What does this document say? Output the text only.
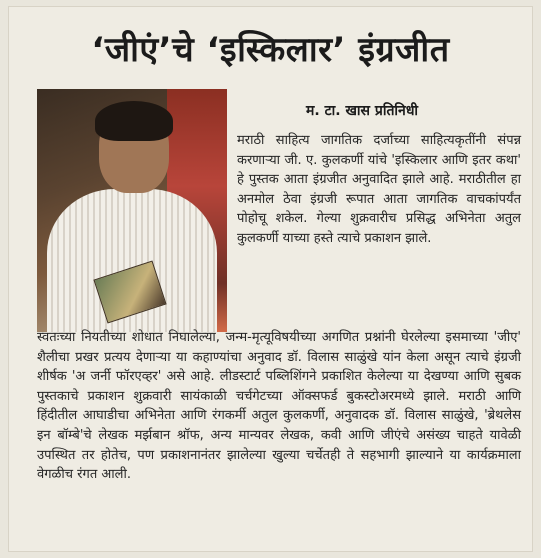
‘जीएं’चे ‘इस्किलार’ इंग्रजीत
म. टा. खास प्रतिनिधी

मराठी साहित्य जागतिक दर्जाच्या साहित्यकृतींनी संपन्न करणाऱ्या जी. ए. कुलकर्णी यांचे 'इस्किलार आणि इतर कथा' हे पुस्तक आता इंग्रजीत अनुवादित झाले आहे. मराठीतील हा अनमोल ठेवा इंग्रजी रूपात आता जागतिक वाचकांपर्यंत पोहोचू शकेल. गेल्या शुक्रवारीच प्रसिद्ध अभिनेता अतुल कुलकर्णी याच्या हस्ते त्याचे प्रकाशन झाले.

स्वतःच्या नियतीच्या शोधात निघालेल्या, जन्म-मृत्यूविषयीच्या अगणित प्रश्नांनी घेरलेल्या इसमाच्या 'जीए' शैलीचा प्रखर प्रत्यय देणाऱ्या या कहाण्यांचा अनुवाद डॉ. विलास साळुंखे यांन केला असून त्याचे इंग्रजी शीर्षक 'अ जर्नी फॉरएव्हर' असे आहे. लीडस्टार्ट पब्लिशिंगने प्रकाशित केलेल्या या देखण्या आणि सुबक पुस्तकाचे प्रकाशन शुक्रवारी सायंकाळी चर्चगेटच्या ऑक्सफर्ड बुकस्टोअरमध्ये झाले. मराठी आणि हिंदीतील आघाडीचा अभिनेता आणि रंगकर्मी अतुल कुलकर्णी, अनुवादक डॉ. विलास साळुंखे, 'ब्रेथलेस इन बॉम्बे'चे लेखक मर्झबान श्रॉफ, अन्य मान्यवर लेखक, कवी आणि जीएंचे असंख्य चाहते यावेळी उपस्थित तर होतेच, पण प्रकाशनानंतर झालेल्या खुल्या चर्चेतही ते सहभागी झाल्याने या कार्यक्रमाला वेगळीच रंगत आली.
